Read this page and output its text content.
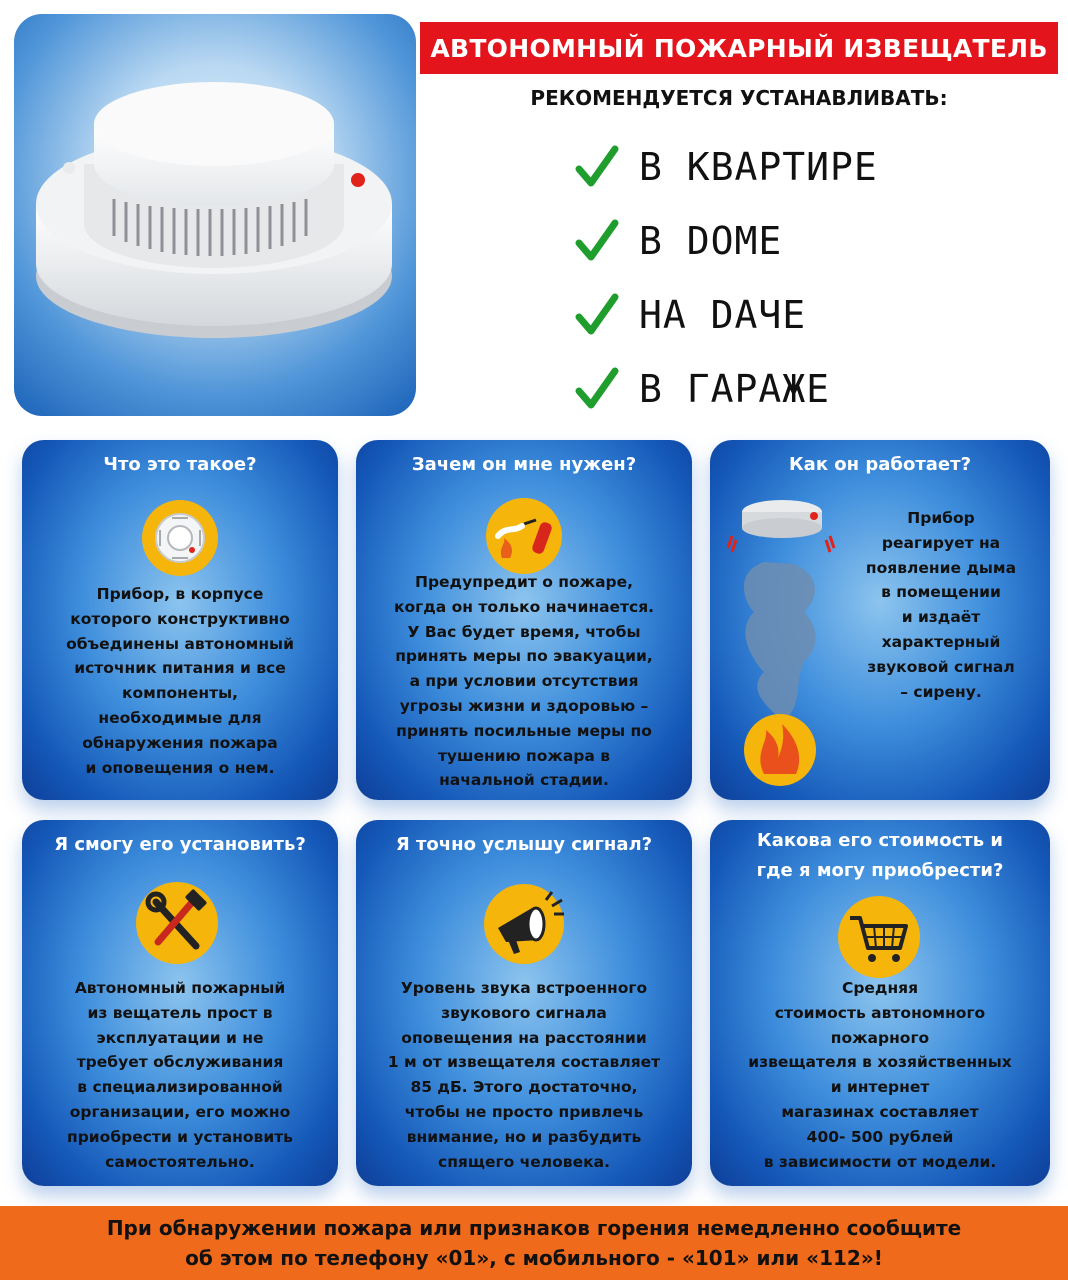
АВТОНОМНЫЙ ПОЖАРНЫЙ ИЗВЕЩАТЕЛЬ
РЕКОМЕНДУЕТСЯ УСТАНАВЛИВАТЬ:
В КВАРТИРЕ
В DOME
НА DAЧЕ
В ГАРАЖЕ
Что это такое?
Прибор, в корпусе
которого конструктивно
объединены автономный
источник питания и все
компоненты,
необходимые для
обнаружения пожара
и оповещения о нем.
Зачем он мне нужен?
Предупредит о пожаре,
когда он только начинается.
У Вас будет время, чтобы
принять меры по эвакуации,
а при условии отсутствия
угрозы жизни и здоровью –
принять посильные меры по
тушению пожара в
начальной стадии.
Как он работает?
Прибор
реагирует на
появление дыма
в помещении
и издаёт
характерный
звуковой сигнал
– сирену.
Я смогу его установить?
Автономный пожарный
из вещатель прост в
эксплуатации и не
требует обслуживания
в специализированной
организации, его можно
приобрести и установить
самостоятельно.
Я точно услышу сигнал?
Уровень звука встроенного
звукового сигнала
оповещения на расстоянии
1 м от извещателя составляет
85 дБ. Этого достаточно,
чтобы не просто привлечь
внимание, но и разбудить
спящего человека.
Какова его стоимость и
где я могу приобрести?
Средняя
стоимость автономного
пожарного
извещателя в хозяйственных
и интернет
магазинах составляет
400- 500 рублей
в зависимости от модели.
При обнаружении пожара или признаков горения немедленно сообщите
об этом по телефону «01», с мобильного - «101» или «112»!
